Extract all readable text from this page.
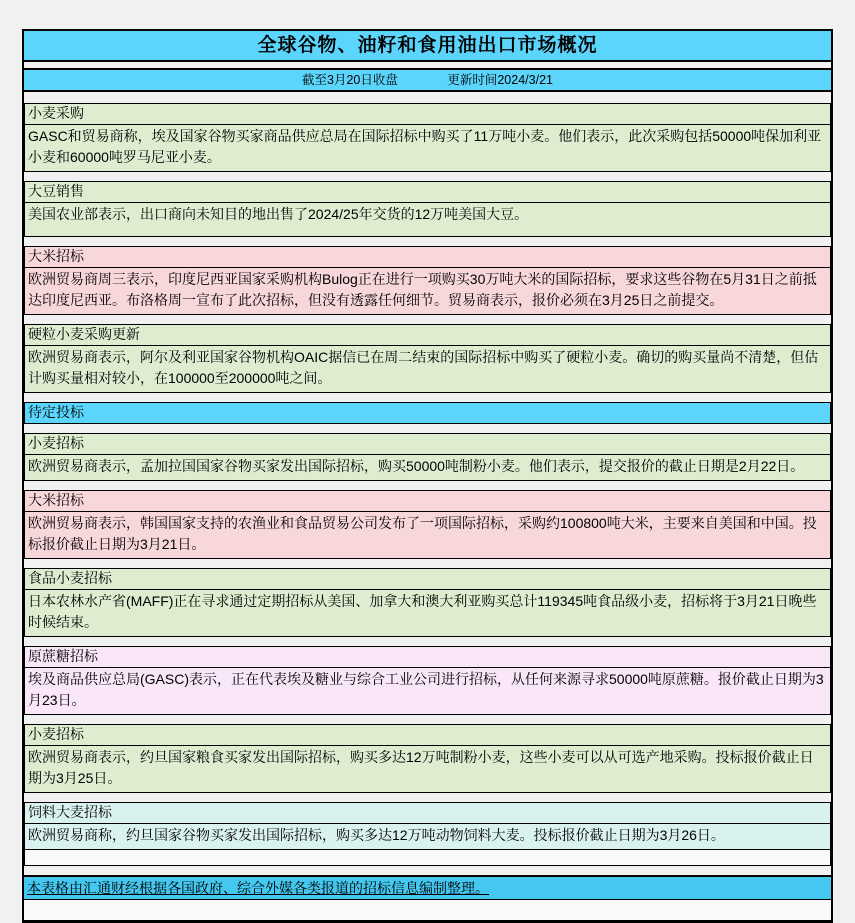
全球谷物、油籽和食用油出口市场概况
截至3月20日收盘	更新时间2024/3/21
小麦采购
GASC和贸易商称，埃及国家谷物买家商品供应总局在国际招标中购买了11万吨小麦。他们表示，此次采购包括50000吨保加利亚小麦和60000吨罗马尼亚小麦。
大豆销售
美国农业部表示，出口商向未知目的地出售了2024/25年交货的12万吨美国大豆。
大米招标
欧洲贸易商周三表示，印度尼西亚国家采购机构Bulog正在进行一项购买30万吨大米的国际招标，要求这些谷物在5月31日之前抵达印度尼西亚。布洛格周一宣布了此次招标，但没有透露任何细节。贸易商表示，报价必须在3月25日之前提交。
硬粒小麦采购更新
欧洲贸易商表示，阿尔及利亚国家谷物机构OAIC据信已在周二结束的国际招标中购买了硬粒小麦。确切的购买量尚不清楚，但估计购买量相对较小，在100000至200000吨之间。
待定投标
小麦招标
欧洲贸易商表示，孟加拉国国家谷物买家发出国际招标，购买50000吨制粉小麦。他们表示，提交报价的截止日期是2月22日。
大米招标
欧洲贸易商表示，韩国国家支持的农渔业和食品贸易公司发布了一项国际招标，采购约100800吨大米，主要来自美国和中国。投标报价截止日期为3月21日。
食品小麦招标
日本农林水产省(MAFF)正在寻求通过定期招标从美国、加拿大和澳大利亚购买总计119345吨食品级小麦，招标将于3月21日晚些时候结束。
原蔗糖招标
埃及商品供应总局(GASC)表示，正在代表埃及糖业与综合工业公司进行招标，从任何来源寻求50000吨原蔗糖。报价截止日期为3月23日。
小麦招标
欧洲贸易商表示，约旦国家粮食买家发出国际招标，购买多达12万吨制粉小麦，这些小麦可以从可选产地采购。投标报价截止日期为3月25日。
饲料大麦招标
欧洲贸易商称，约旦国家谷物买家发出国际招标，购买多达12万吨动物饲料大麦。投标报价截止日期为3月26日。
本表格由汇通财经根据各国政府、综合外媒各类报道的招标信息编制整理。
